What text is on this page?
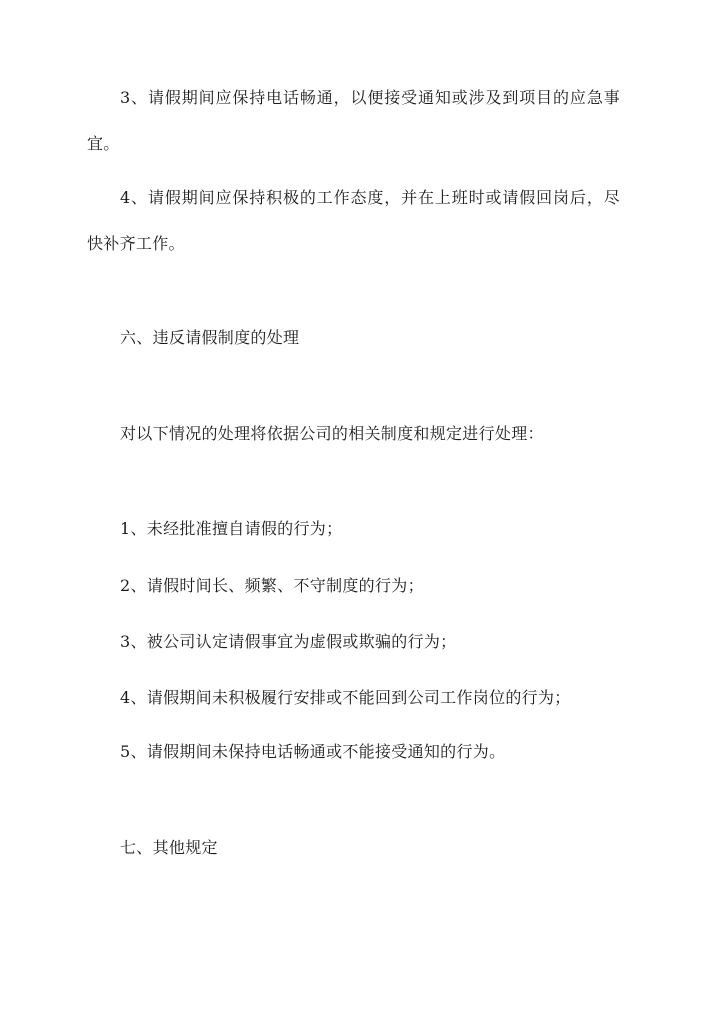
3、请假期间应保持电话畅通，以便接受通知或涉及到项目的应急事
宜。
4、请假期间应保持积极的工作态度，并在上班时或请假回岗后，尽
快补齐工作。
六、违反请假制度的处理
对以下情况的处理将依据公司的相关制度和规定进行处理：
1、未经批准擅自请假的行为；
2、请假时间长、频繁、不守制度的行为；
3、被公司认定请假事宜为虚假或欺骗的行为；
4、请假期间未积极履行安排或不能回到公司工作岗位的行为；
5、请假期间未保持电话畅通或不能接受通知的行为。
七、其他规定
